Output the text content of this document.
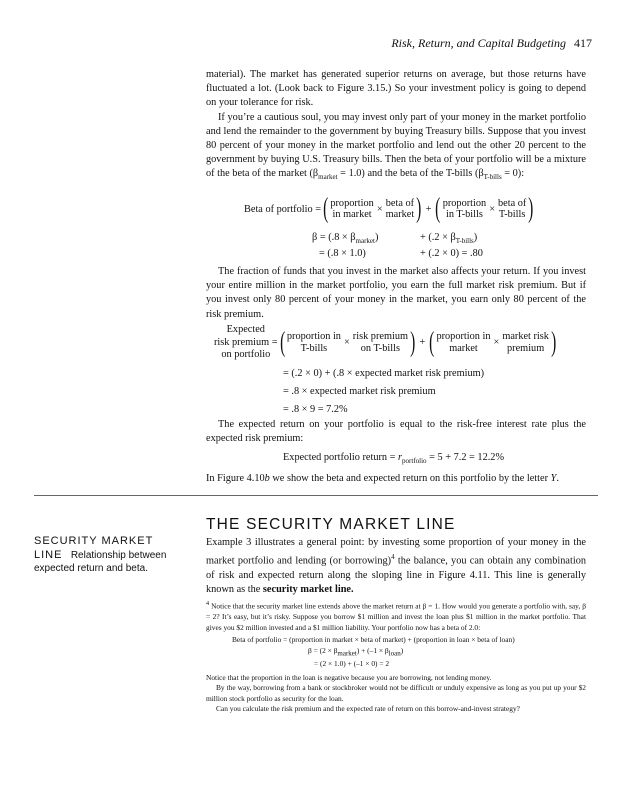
Risk, Return, and Capital Budgeting 417

material). The market has generated superior returns on average, but those returns have fluctuated a lot. (Look back to Figure 3.15.) So your investment policy is going to depend on your tolerance for risk.

If you’re a cautious soul, you may invest only part of your money in the market portfolio and lend the remainder to the government by buying Treasury bills. Suppose that you invest 80 percent of your money in the market portfolio and lend out the other 20 percent to the government by buying U.S. Treasury bills. Then the beta of your portfolio will be a mixture of the beta of the market $(\beta_{market} = 1.0)$ and the beta of the T-bills $(\beta_{T-bills} = 0)$:

Beta of portfolio = ( proportion
in market ×
beta of
market ) + ( proportion
in T-bills ×
beta of
T-bills )
$\beta = (.8 \times \beta_{market})$	+ $(.2 \times \beta_{T-bills})$
= (.8 × 1.0)	+ (.2 × 0) = .80
The fraction of funds that you invest in the market also affects your return. If you invest your entire million in the market portfolio, you earn the full market risk premium. But if you invest only 80 percent of your money in the market, you earn only 80 percent of the risk premium.
Expected
risk premium =
on portfolio ( proportion in
T-bills	×
risk premium
on T-bills ) + ( proportion in
market	×
market risk
premium )
= (.2 × 0) + (.8 × expected market risk premium)
= .8 × expected market risk premium
= .8 × 9 = 7.2%
The expected return on your portfolio is equal to the risk-free interest rate plus the expected risk premium:
Expected portfolio return = $r_{portfolio} = 5 + 7.2 = 12.2\%$
In Figure 4.10b we show the beta and expected return on this portfolio by the letter Y.
THE SECURITY MARKET LINE
SECURITY MARKET LINE Relationship between expected return and beta.
Example 3 illustrates a general point: by investing some proportion of your money in the market portfolio and lending (or borrowing)$^4$ the balance, you can obtain any combination of risk and expected return along the sloping line in Figure 4.11. This line is generally known as the security market line.

$^4$ Notice that the security market line extends above the market return at β = 1. How would you generate a portfolio with, say, β = 2? It’s easy, but it’s risky. Suppose you borrow $1 million and invest the loan plus $1 million in the market portfolio. That gives you $2 million invested and a $1 million liability. Your portfolio now has a beta of 2.0:

Beta of portfolio = (proportion in market × beta of market) + (proportion in loan × beta of loan)
$\beta = (2 \times \beta_{market}) + (-1 \times \beta_{loan})$
= (2 × 1.0) + (–1 × 0) = 2

Notice that the proportion in the loan is negative because you are borrowing, not lending money.

By the way, borrowing from a bank or stockbroker would not be difficult or unduly expensive as long as you put up your $2 million stock portfolio as security for the loan.

Can you calculate the risk premium and the expected rate of return on this borrow-and-invest strategy?
